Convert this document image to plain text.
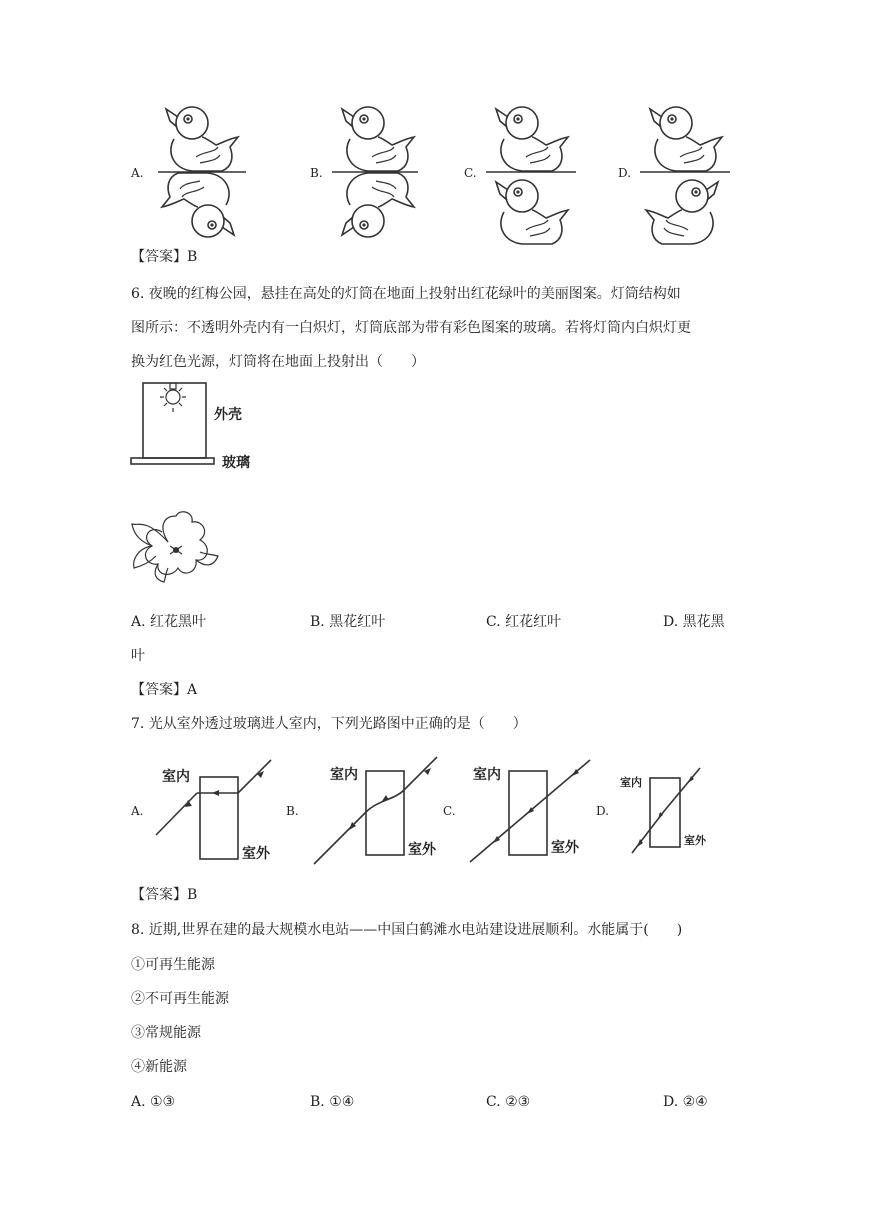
A.	B.	C.	D.
【答案】B
6. 夜晚的红梅公园，悬挂在高处的灯筒在地面上投射出红花绿叶的美丽图案。灯筒结构如
图所示：不透明外壳内有一白炽灯，灯筒底部为带有彩色图案的玻璃。若将灯筒内白炽灯更
换为红色光源，灯筒将在地面上投射出（　　）
外壳
玻璃
A. 红花黑叶	B. 黑花红叶	C. 红花红叶	D. 黑花黑
叶
【答案】A
7. 光从室外透过玻璃进人室内，下列光路图中正确的是（　　）
A.	B.	C.	D.
室内
室外
室内
室外
室内
室外
室内
室外
【答案】B
8. 近期,世界在建的最大规模水电站——中国白鹤滩水电站建设进展顺利。水能属于(　　)
①可再生能源
②不可再生能源
③常规能源
④新能源
A. ①③	B. ①④	C. ②③	D. ②④
